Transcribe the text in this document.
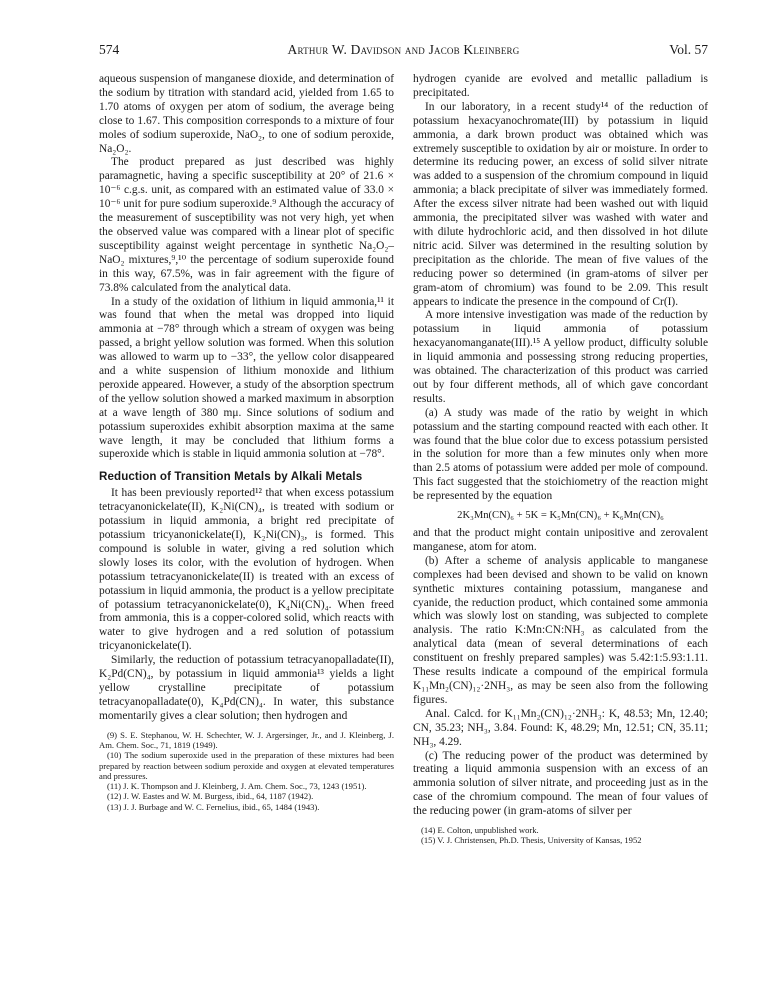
574	Arthur W. Davidson and Jacob Kleinberg	Vol. 57

aqueous suspension of manganese dioxide, and determination of the sodium by titration with standard acid, yielded from 1.65 to 1.70 atoms of oxygen per atom of sodium, the average being close to 1.67. This composition corresponds to a mixture of four moles of sodium superoxide, NaO₂, to one of sodium peroxide, Na₂O₂.

The product prepared as just described was highly paramagnetic, having a specific susceptibility at 20° of 21.6 × 10⁻⁶ c.g.s. unit, as compared with an estimated value of 33.0 × 10⁻⁶ unit for pure sodium superoxide.⁹ Although the accuracy of the measurement of susceptibility was not very high, yet when the observed value was compared with a linear plot of specific susceptibility against weight percentage in synthetic Na₂O₂–NaO₂ mixtures,⁹,¹⁰ the percentage of sodium superoxide found in this way, 67.5%, was in fair agreement with the figure of 73.8% calculated from the analytical data.

In a study of the oxidation of lithium in liquid ammonia,¹¹ it was found that when the metal was dropped into liquid ammonia at −78° through which a stream of oxygen was being passed, a bright yellow solution was formed. When this solution was allowed to warm up to −33°, the yellow color disappeared and a white suspension of lithium monoxide and lithium peroxide appeared. However, a study of the absorption spectrum of the yellow solution showed a marked maximum in absorption at a wave length of 380 mμ. Since solutions of sodium and potassium superoxides exhibit absorption maxima at the same wave length, it may be concluded that lithium forms a superoxide which is stable in liquid ammonia solution at −78°.

Reduction of Transition Metals by Alkali Metals

It has been previously reported¹² that when excess potassium tetracyanonickelate(II), K₂Ni(CN)₄, is treated with sodium or potassium in liquid ammonia, a bright red precipitate of potassium tricyanonickelate(I), K₂Ni(CN)₃, is formed. This compound is soluble in water, giving a red solution which slowly loses its color, with the evolution of hydrogen. When potassium tetracyanonickelate(II) is treated with an excess of potassium in liquid ammonia, the product is a yellow precipitate of potassium tetracyanonickelate(0), K₄Ni(CN)₄. When freed from ammonia, this is a copper-colored solid, which reacts with water to give hydrogen and a red solution of potassium tricyanonickelate(I).

Similarly, the reduction of potassium tetracyanopalladate(II), K₂Pd(CN)₄, by potassium in liquid ammonia¹³ yields a light yellow crystalline precipitate of potassium tetracyanopalladate(0), K₄Pd(CN)₄. In water, this substance momentarily gives a clear solution; then hydrogen and

(9) S. E. Stephanou, W. H. Schechter, W. J. Argersinger, Jr., and J. Kleinberg, J. Am. Chem. Soc., 71, 1819 (1949).
(10) The sodium superoxide used in the preparation of these mixtures had been prepared by reaction between sodium peroxide and oxygen at elevated temperatures and pressures.
(11) J. K. Thompson and J. Kleinberg, J. Am. Chem. Soc., 73, 1243 (1951).
(12) J. W. Eastes and W. M. Burgess, ibid., 64, 1187 (1942).
(13) J. J. Burbage and W. C. Fernelius, ibid., 65, 1484 (1943).

hydrogen cyanide are evolved and metallic palladium is precipitated.

In our laboratory, in a recent study¹⁴ of the reduction of potassium hexacyanochromate(III) by potassium in liquid ammonia, a dark brown product was obtained which was extremely susceptible to oxidation by air or moisture. In order to determine its reducing power, an excess of solid silver nitrate was added to a suspension of the chromium compound in liquid ammonia; a black precipitate of silver was immediately formed. After the excess silver nitrate had been washed out with liquid ammonia, the precipitated silver was washed with water and with dilute hydrochloric acid, and then dissolved in hot dilute nitric acid. Silver was determined in the resulting solution by precipitation as the chloride. The mean of five values of the reducing power so determined (in gram-atoms of silver per gram-atom of chromium) was found to be 2.09. This result appears to indicate the presence in the compound of Cr(I).

A more intensive investigation was made of the reduction by potassium in liquid ammonia of potassium hexacyanomanganate(III).¹⁵ A yellow product, difficulty soluble in liquid ammonia and possessing strong reducing properties, was obtained. The characterization of this product was carried out by four different methods, all of which gave concordant results.

(a) A study was made of the ratio by weight in which potassium and the starting compound reacted with each other. It was found that the blue color due to excess potassium persisted in the solution for more than a few minutes only when more than 2.5 atoms of potassium were added per mole of compound. This fact suggested that the stoichiometry of the reaction might be represented by the equation

2K₃Mn(CN)₆ + 5K = K₅Mn(CN)₆ + K₆Mn(CN)₆

and that the product might contain unipositive and zerovalent manganese, atom for atom.

(b) After a scheme of analysis applicable to manganese complexes had been devised and shown to be valid on known synthetic mixtures containing potassium, manganese and cyanide, the reduction product, which contained some ammonia which was slowly lost on standing, was subjected to complete analysis. The ratio K:Mn:CN:NH₃ as calculated from the analytical data (mean of several determinations of each constituent on freshly prepared samples) was 5.42:1:5.93:1.11. These results indicate a compound of the empirical formula K₁₁Mn₂(CN)₁₂·2NH₃, as may be seen also from the following figures.

Anal. Calcd. for K₁₁Mn₂(CN)₁₂·2NH₃: K, 48.53; Mn, 12.40; CN, 35.23; NH₃, 3.84. Found: K, 48.29; Mn, 12.51; CN, 35.11; NH₃, 4.29.

(c) The reducing power of the product was determined by treating a liquid ammonia suspension with an excess of an ammonia solution of silver nitrate, and proceeding just as in the case of the chromium compound. The mean of four values of the reducing power (in gram-atoms of silver per

(14) E. Colton, unpublished work.
(15) V. J. Christensen, Ph.D. Thesis, University of Kansas, 1952
